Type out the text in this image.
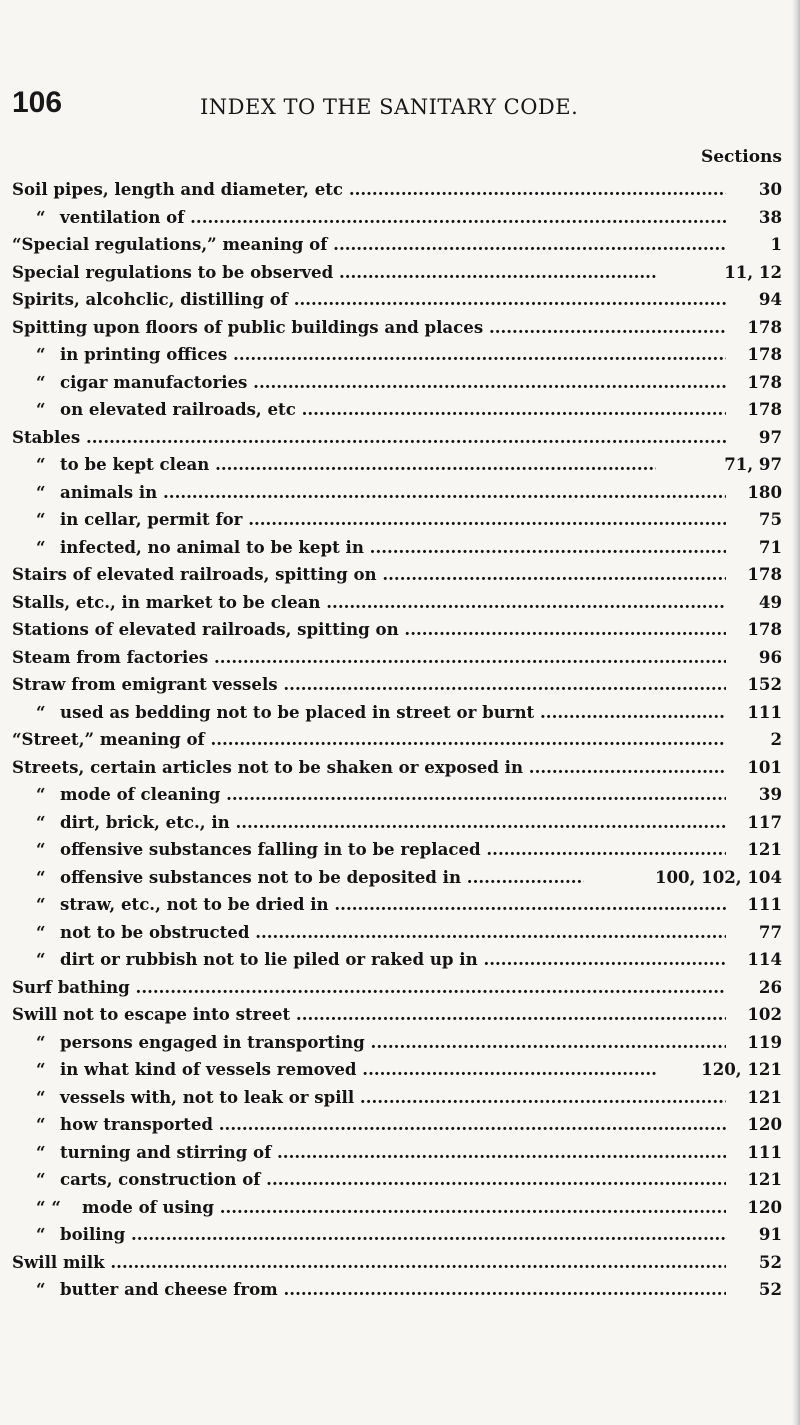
106	INDEX TO THE SANITARY CODE.
Sections
Soil pipes, length and diameter, etc .....	30
“ ventilation of .....	38
“Special regulations,” meaning of .....	1
Special regulations to be observed .....	11, 12
Spirits, alcohclic, distilling of .....	94
Spitting upon floors of public buildings and places .....	178
“ in printing offices .....	178
“ cigar manufactories .....	178
“ on elevated railroads, etc .....	178
Stables .....	97
“ to be kept clean .....	71, 97
“ animals in .....	180
“ in cellar, permit for .....	75
“ infected, no animal to be kept in .....	71
Stairs of elevated railroads, spitting on .....	178
Stalls, etc., in market to be clean .....	49
Stations of elevated railroads, spitting on .....	178
Steam from factories .....	96
Straw from emigrant vessels .....	152
“ used as bedding not to be placed in street or burnt .....	111
“Street,” meaning of .....	2
Streets, certain articles not to be shaken or exposed in .....	101
“ mode of cleaning .....	39
“ dirt, brick, etc., in .....	117
“ offensive substances falling in to be replaced .....	121
“ offensive substances not to be deposited in .....	100, 102, 104
“ straw, etc., not to be dried in .....	111
“ not to be obstructed .....	77
“ dirt or rubbish not to lie piled or raked up in .....	114
Surf bathing .....	26
Swill not to escape into street .....	102
“ persons engaged in transporting .....	119
“ in what kind of vessels removed .....	120, 121
“ vessels with, not to leak or spill .....	121
“ how transported .....	120
“ turning and stirring of .....	111
“ carts, construction of .....	121
“ “ mode of using .....	120
“ boiling .....	91
Swill milk .....	52
“ butter and cheese from .....	52
